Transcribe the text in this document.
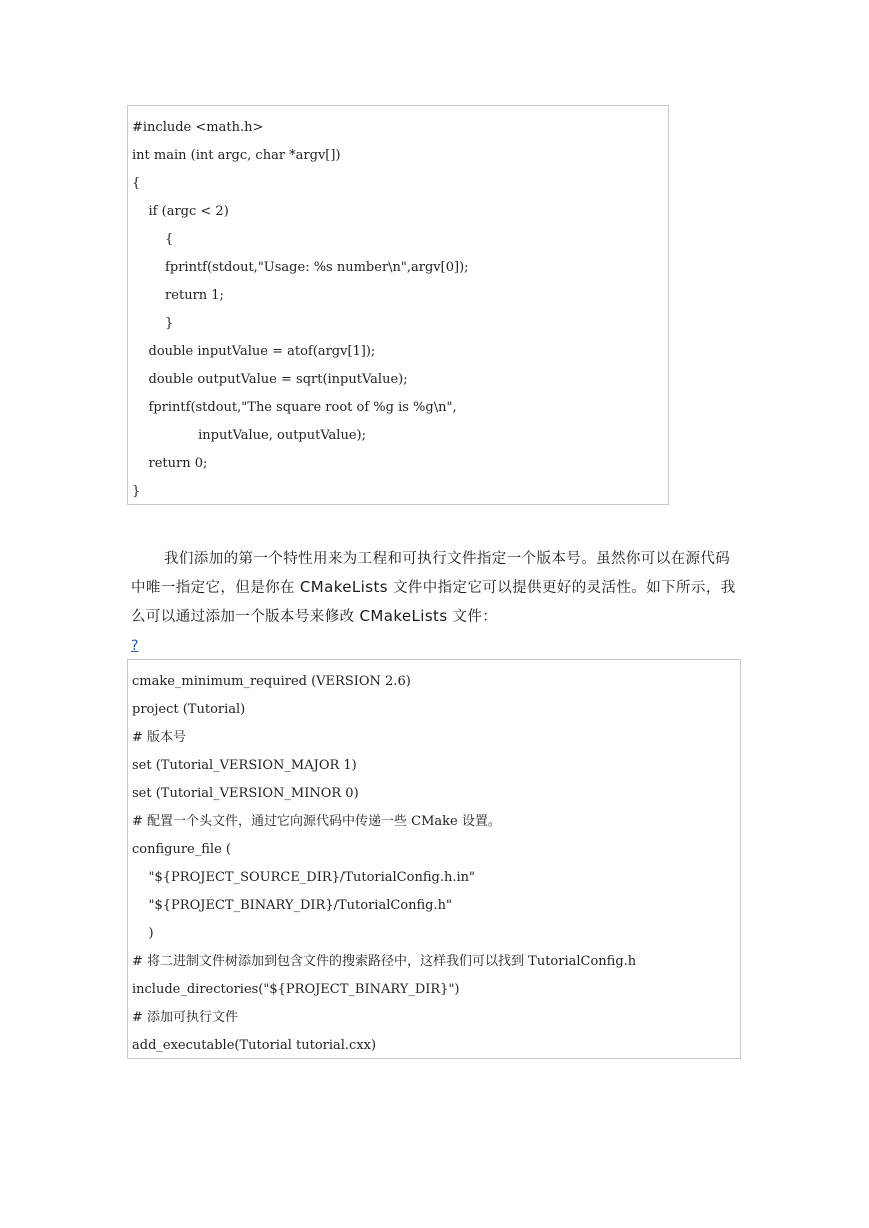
#include <math.h>
int main (int argc, char *argv[])
{
if (argc < 2)
{
fprintf(stdout,"Usage: %s number\n",argv[0]);
return 1;
}
double inputValue = atof(argv[1]);
double outputValue = sqrt(inputValue);
fprintf(stdout,"The square root of %g is %g\n",
inputValue, outputValue);
return 0;
}

我们添加的第一个特性用来为工程和可执行文件指定一个版本号。虽然你可以在源代码中唯一指定它，但是你在 CMakeLists 文件中指定它可以提供更好的灵活性。如下所示，我么可以通过添加一个版本号来修改 CMakeLists 文件：

?
cmake_minimum_required (VERSION 2.6)
project (Tutorial)
# 版本号
set (Tutorial_VERSION_MAJOR 1)
set (Tutorial_VERSION_MINOR 0)
# 配置一个头文件，通过它向源代码中传递一些 CMake 设置。
configure_file (
"${PROJECT_SOURCE_DIR}/TutorialConfig.h.in"
"${PROJECT_BINARY_DIR}/TutorialConfig.h"
)
# 将二进制文件树添加到包含文件的搜索路径中，这样我们可以找到 TutorialConfig.h
include_directories("${PROJECT_BINARY_DIR}")
# 添加可执行文件
add_executable(Tutorial tutorial.cxx)
